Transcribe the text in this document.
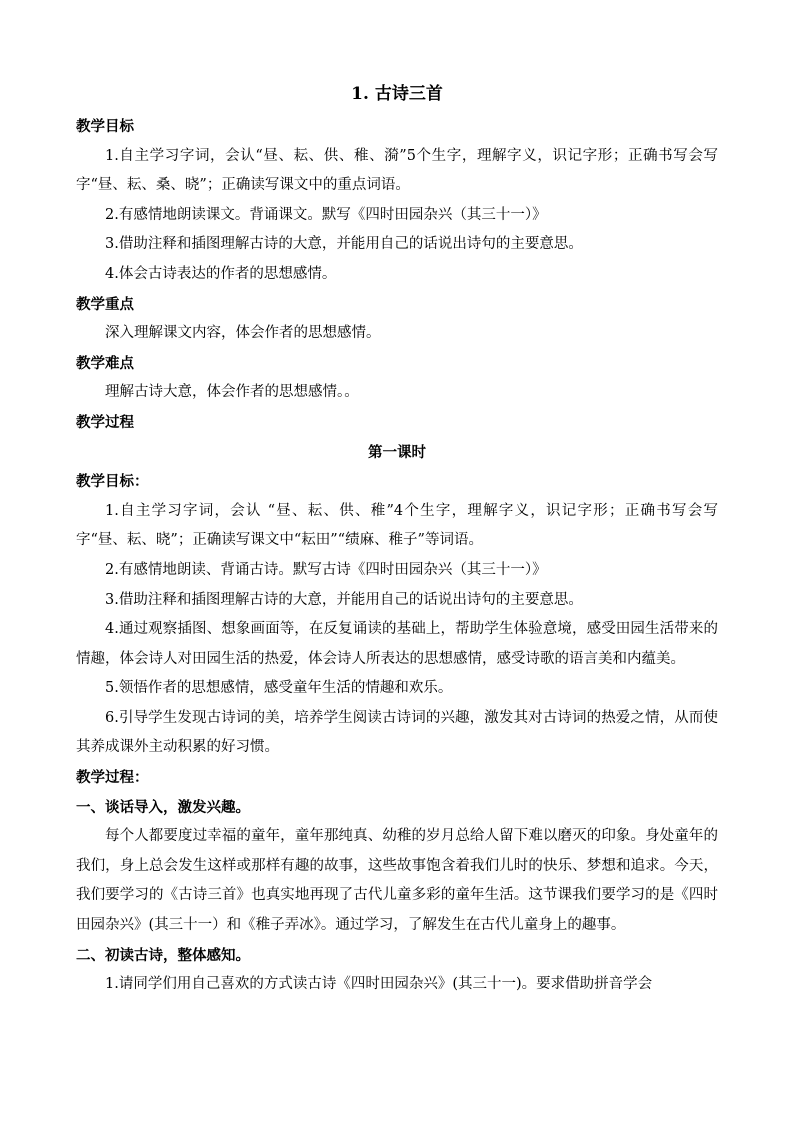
1. 古诗三首

教学目标

1.自主学习字词，会认“昼、耘、供、稚、漪”5个生字，理解字义，识记字形；正确书写会写字“昼、耘、桑、晓”；正确读写课文中的重点词语。

2.有感情地朗读课文。背诵课文。默写《四时田园杂兴（其三十一）》

3.借助注释和插图理解古诗的大意，并能用自己的话说出诗句的主要意思。

4.体会古诗表达的作者的思想感情。

教学重点

深入理解课文内容，体会作者的思想感情。

教学难点

理解古诗大意，体会作者的思想感情。。

教学过程

第一课时

教学目标：

1.自主学习字词，会认 “昼、耘、供、稚”4个生字，理解字义，识记字形；正确书写会写字“昼、耘、晓”；正确读写课文中“耘田”“绩麻、稚子”等词语。

2.有感情地朗读、背诵古诗。默写古诗《四时田园杂兴（其三十一）》

3.借助注释和插图理解古诗的大意，并能用自己的话说出诗句的主要意思。

4.通过观察插图、想象画面等，在反复诵读的基础上，帮助学生体验意境，感受田园生活带来的情趣，体会诗人对田园生活的热爱，体会诗人所表达的思想感情，感受诗歌的语言美和内蕴美。

5.领悟作者的思想感情，感受童年生活的情趣和欢乐。

6.引导学生发现古诗词的美，培养学生阅读古诗词的兴趣，激发其对古诗词的热爱之情，从而使其养成课外主动积累的好习惯。

教学过程：

一、谈话导入，激发兴趣。

每个人都要度过幸福的童年，童年那纯真、幼稚的岁月总给人留下难以磨灭的印象。身处童年的我们，身上总会发生这样或那样有趣的故事，这些故事饱含着我们儿时的快乐、梦想和追求。今天，我们要学习的《古诗三首》也真实地再现了古代儿童多彩的童年生活。这节课我们要学习的是《四时田园杂兴》(其三十一）和《稚子弄冰》。通过学习，了解发生在古代儿童身上的趣事。

二、初读古诗，整体感知。

1.请同学们用自己喜欢的方式读古诗《四时田园杂兴》(其三十一)。要求借助拼音学会
